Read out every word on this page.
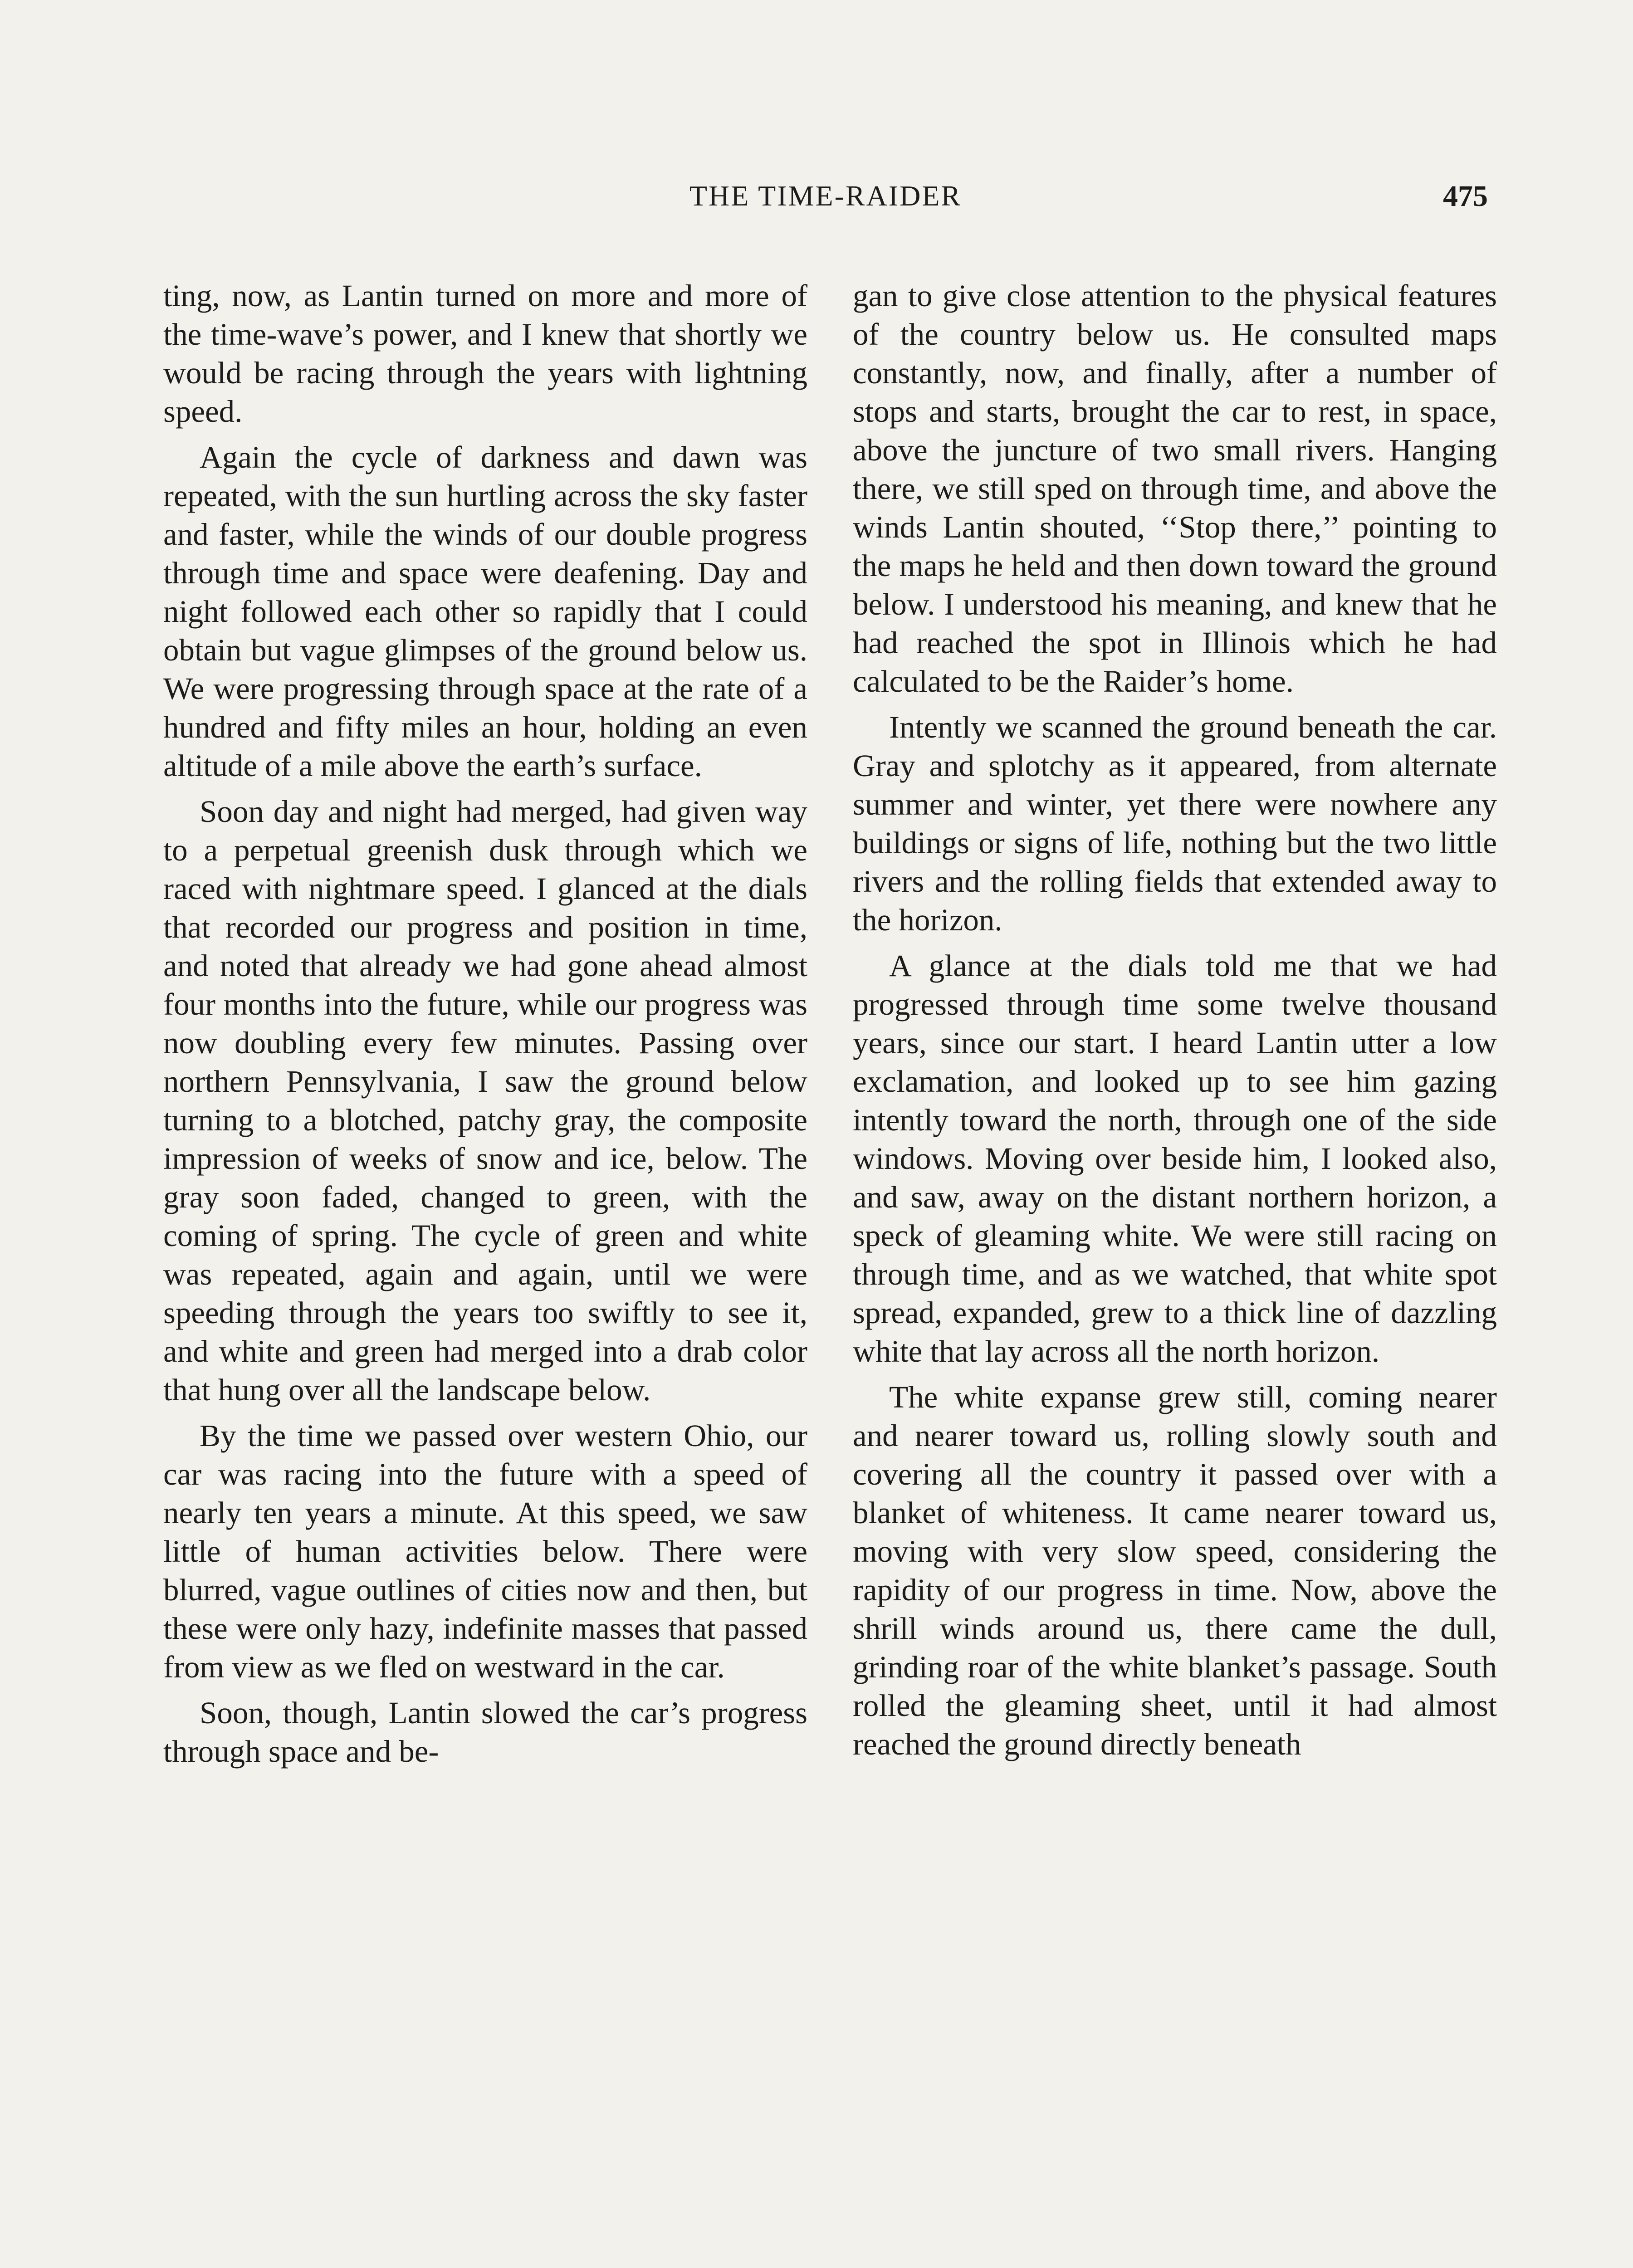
THE TIME-RAIDER	475

ting, now, as Lantin turned on more and more of the time-wave’s power, and I knew that shortly we would be racing through the years with lightning speed.

Again the cycle of darkness and dawn was repeated, with the sun hurtling across the sky faster and faster, while the winds of our double progress through time and space were deafening. Day and night followed each other so rapidly that I could obtain but vague glimpses of the ground below us. We were progressing through space at the rate of a hundred and fifty miles an hour, holding an even altitude of a mile above the earth’s surface.

Soon day and night had merged, had given way to a perpetual greenish dusk through which we raced with nightmare speed. I glanced at the dials that recorded our progress and position in time, and noted that already we had gone ahead almost four months into the future, while our progress was now doubling every few minutes. Passing over northern Pennsylvania, I saw the ground below turning to a blotched, patchy gray, the composite impression of weeks of snow and ice, below. The gray soon faded, changed to green, with the coming of spring. The cycle of green and white was repeated, again and again, until we were speeding through the years too swiftly to see it, and white and green had merged into a drab color that hung over all the landscape below.

By the time we passed over western Ohio, our car was racing into the future with a speed of nearly ten years a minute. At this speed, we saw little of human activities below. There were blurred, vague outlines of cities now and then, but these were only hazy, indefinite masses that passed from view as we fled on westward in the car.

Soon, though, Lantin slowed the car’s progress through space and be-

gan to give close attention to the physical features of the country below us. He consulted maps constantly, now, and finally, after a number of stops and starts, brought the car to rest, in space, above the juncture of two small rivers. Hanging there, we still sped on through time, and above the winds Lantin shouted, ‘‘Stop there,’’ pointing to the maps he held and then down toward the ground below. I understood his meaning, and knew that he had reached the spot in Illinois which he had calculated to be the Raider’s home.

Intently we scanned the ground beneath the car. Gray and splotchy as it appeared, from alternate summer and winter, yet there were nowhere any buildings or signs of life, nothing but the two little rivers and the rolling fields that extended away to the horizon.

A glance at the dials told me that we had progressed through time some twelve thousand years, since our start. I heard Lantin utter a low exclamation, and looked up to see him gazing intently toward the north, through one of the side windows. Moving over beside him, I looked also, and saw, away on the distant northern horizon, a speck of gleaming white. We were still racing on through time, and as we watched, that white spot spread, expanded, grew to a thick line of dazzling white that lay across all the north horizon.

The white expanse grew still, coming nearer and nearer toward us, rolling slowly south and covering all the country it passed over with a blanket of whiteness. It came nearer toward us, moving with very slow speed, considering the rapidity of our progress in time. Now, above the shrill winds around us, there came the dull, grinding roar of the white blanket’s passage. South rolled the gleaming sheet, until it had almost reached the ground directly beneath
